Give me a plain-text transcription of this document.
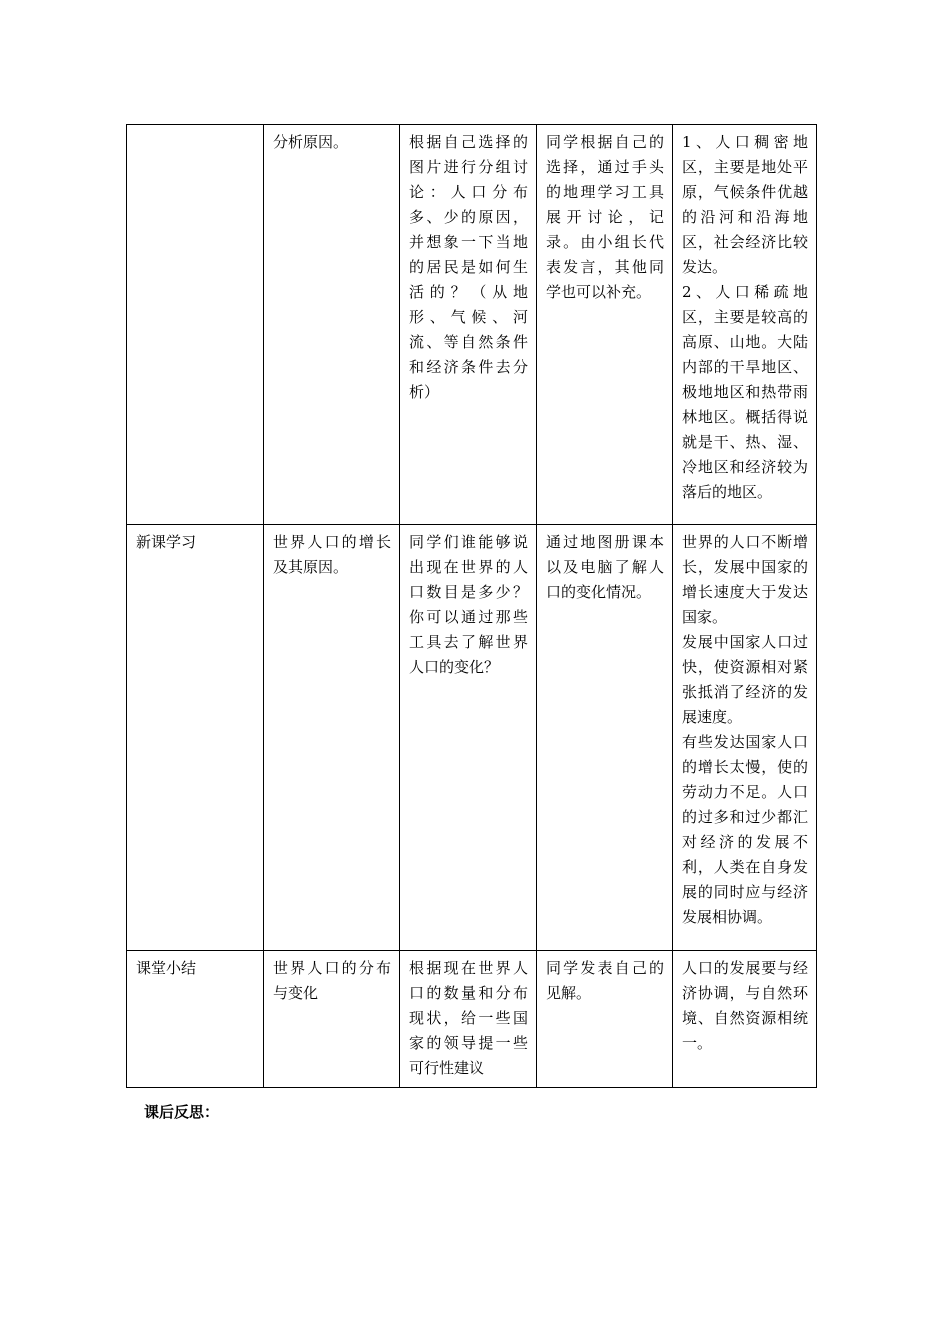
	分析原因。	根据自己选择的图片进行分组讨论：人口分布多、少的原因，并想象一下当地的居民是如何生活的？（从地形、气候、河流、等自然条件和经济条件去分析）	同学根据自己的选择，通过手头的地理学习工具展开讨论，记录。由小组长代表发言，其他同学也可以补充。	1、人口稠密地区，主要是地处平原，气候条件优越的沿河和沿海地区，社会经济比较发达。

2、人口稀疏地区，主要是较高的高原、山地。大陆内部的干旱地区、极地地区和热带雨林地区。概括得说就是干、热、湿、冷地区和经济较为落后的地区。

新课学习	世界人口的增长及其原因。	同学们谁能够说出现在世界的人口数目是多少？你可以通过那些工具去了解世界人口的变化？	通过地图册课本以及电脑了解人口的变化情况。	世界的人口不断增长，发展中国家的增长速度大于发达国家。

发展中国家人口过快，使资源相对紧张抵消了经济的发展速度。

有些发达国家人口的增长太慢，使的劳动力不足。人口的过多和过少都汇对经济的发展不利，人类在自身发展的同时应与经济发展相协调。

课堂小结	世界人口的分布与变化	根据现在世界人口的数量和分布现状，给一些国家的领导提一些可行性建议	同学发表自己的见解。	人口的发展要与经济协调，与自然环境、自然资源相统一。

课后反思：
